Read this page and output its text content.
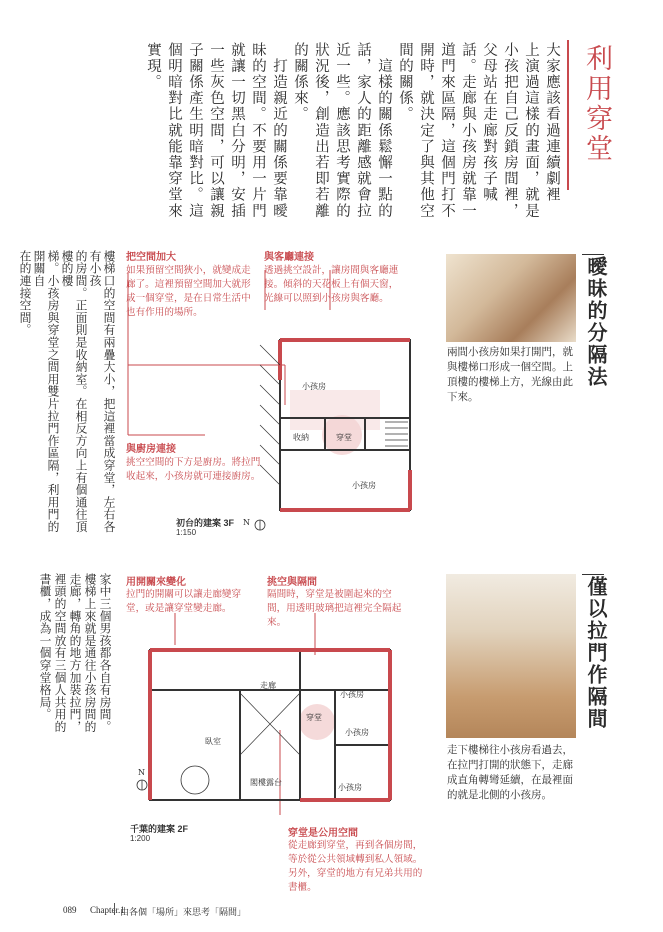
利用穿堂
大家應該看過連續劇裡
上演過這樣的畫面，就是
小孩把自己反鎖房間裡，
父母站在走廊對孩子喊
話。走廊與小孩房就靠一
道門來區隔，這個門打不
開時，就決定了與其他空
間的關係。
　這樣的關係鬆懈一點的
話，家人的距離感就會拉
近一些。應該思考實際的
狀況後，創造出若即若離
的關係來。
　打造親近的關係要靠曖
昧的空間。不要用一片門
就讓一切黑白分明，安插
一些灰色空間，可以讓親
子關係產生明暗對比。這
個明暗對比就能靠穿堂來
實現。
樓梯口的空間有兩疊大小，把這裡當成穿堂，左右各有小孩
的房間。正面則是收納室。在相反方向上有個通往頂樓的樓
梯。小孩房與穿堂之間用雙片拉門作區隔，利用門的開關自
在的連接空間。
家中三個男孩都各自有房間。樓梯上來就是通往小孩房間的
走廊，轉角的地方加裝拉門，裡頭的空間放有三個人共用的
書櫃，成為一個穿堂格局。
把空間加大
如果預留空間狹小，就變成走廊了。這裡預留空間加大就形成一個穿堂，是在日常生活中也有作用的場所。
與客廳連接
透過挑空設計，讓房間與客廳連接。傾斜的天花板上有個天窗，光線可以照到小孩房與客廳。
與廚房連接
挑空空間的下方是廚房。將拉門收起來，小孩房就可連接廚房。
小孩房
收納	穿堂
小孩房
初台的建案 3F
1:150
N
兩間小孩房如果打開門，就與樓梯口形成一個空間。上頂樓的樓梯上方，光線由此下來。
曖昧的分隔法
用開關來變化
拉門的開關可以讓走廊變穿堂，或是讓穿堂變走廊。
挑空與隔間
隔間時，穿堂是被圍起來的空間，用透明玻璃把這裡完全隔起來。
穿堂是公用空間
從走廊到穿堂，再到各個房間，等於從公共領域轉到私人領域。另外，穿堂的地方有兄弟共用的書櫃。
走廊
小孩房
臥室
穿堂
小孩房
閣樓露台
小孩房
千葉的建案 2F
1:200
N
走下樓梯往小孩房看過去，在拉門打開的狀態下，走廊成直角轉彎延續，在最裡面的就是北側的小孩房。
僅以拉門作隔間
089 Chapter.1
由各個「場所」來思考「隔間」
